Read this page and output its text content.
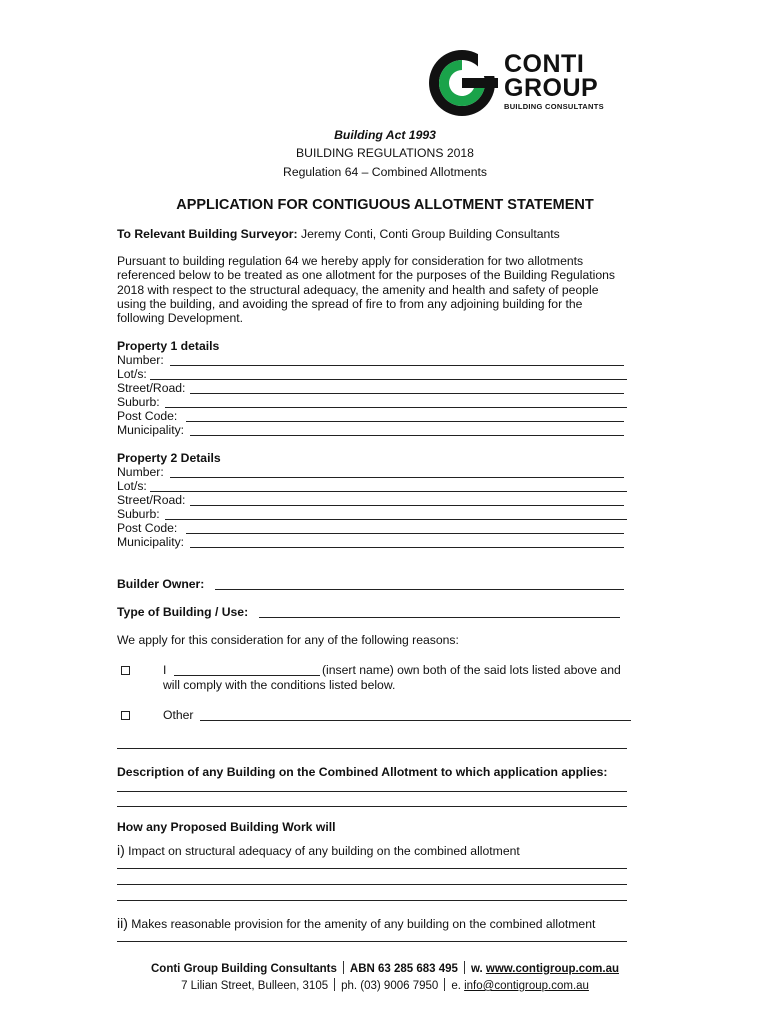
CONTI
GROUP
BUILDING CONSULTANTS
Building Act 1993
BUILDING REGULATIONS 2018
Regulation 64 – Combined Allotments
APPLICATION FOR CONTIGUOUS ALLOTMENT STATEMENT
To Relevant Building Surveyor: Jeremy Conti, Conti Group Building Consultants
Pursuant to building regulation 64 we hereby apply for consideration for two allotments
referenced below to be treated as one allotment for the purposes of the Building Regulations
2018 with respect to the structural adequacy, the amenity and health and safety of people
using the building, and avoiding the spread of fire to from any adjoining building for the
following Development.
Property 1 details
Number:
Lot/s:
Street/Road:
Suburb:
Post Code:
Municipality:
Property 2 Details
Number:
Lot/s:
Street/Road:
Suburb:
Post Code:
Municipality:
Builder Owner:
Type of Building / Use:
We apply for this consideration for any of the following reasons:
I	(insert name) own both of the said lots listed above and
will comply with the conditions listed below.
Other
Description of any Building on the Combined Allotment to which application applies:
How any Proposed Building Work will
i) Impact on structural adequacy of any building on the combined allotment
ii) Makes reasonable provision for the amenity of any building on the combined allotment
Conti Group Building Consultants ABN 63 285 683 495 w. www.contigroup.com.au
7 Lilian Street, Bulleen, 3105 ph. (03) 9006 7950 e. info@contigroup.com.au
